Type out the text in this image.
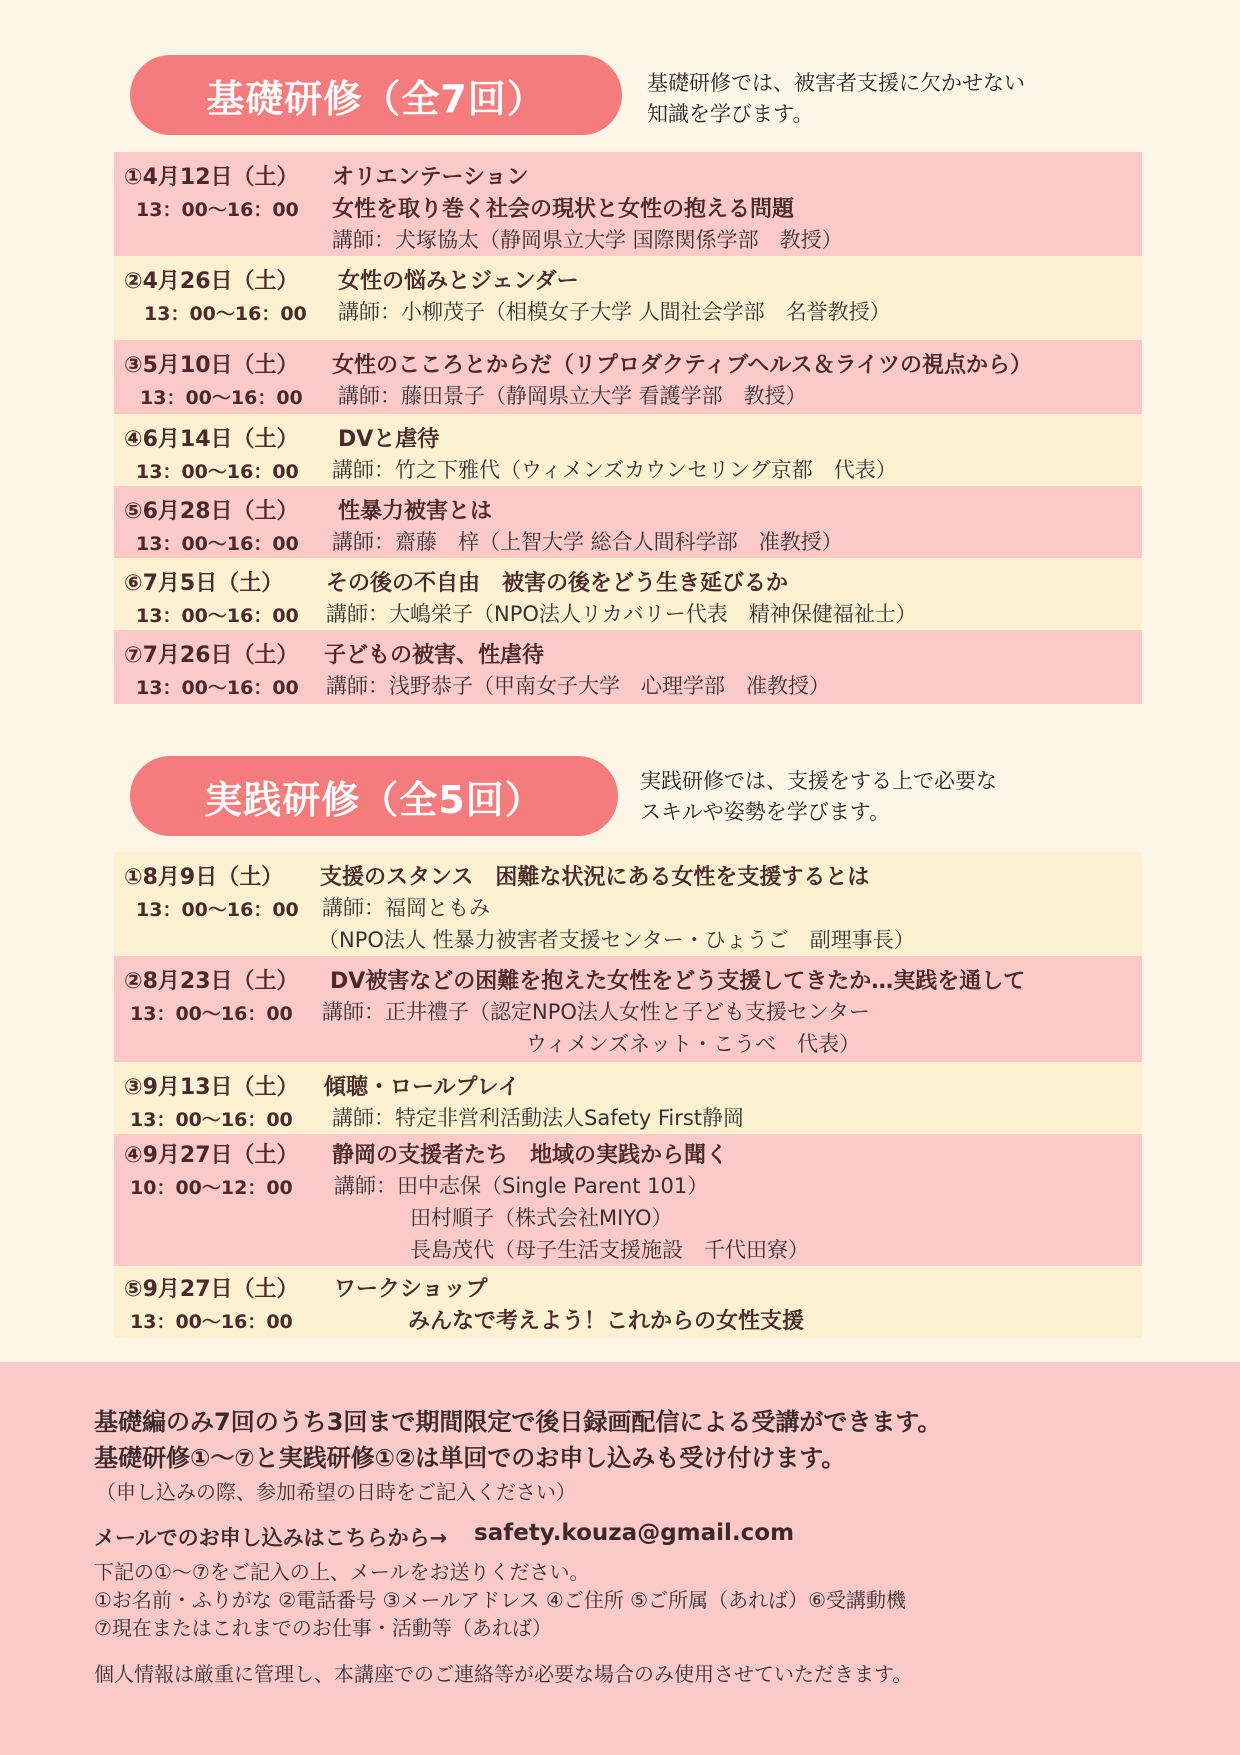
基礎研修（全7回）	基礎研修では、被害者支援に欠かせない
知識を学びます。
①4月12日（土） オリエンテーション
13：00〜16：00 女性を取り巻く社会の現状と女性の抱える問題
講師：犬塚協太（静岡県立大学 国際関係学部　教授）
②4月26日（土） 女性の悩みとジェンダー
13：00〜16：00 講師：小柳茂子（相模女子大学 人間社会学部　名誉教授）
③5月10日（土） 女性のこころとからだ（リプロダクティブヘルス＆ライツの視点から）
13：00〜16：00 講師：藤田景子（静岡県立大学 看護学部　教授）
④6月14日（土） DVと虐待
13：00〜16：00 講師：竹之下雅代（ウィメンズカウンセリング京都　代表）
⑤6月28日（土） 性暴力被害とは
13：00〜16：00 講師：齋藤　梓（上智大学 総合人間科学部　准教授）
⑥7月5日（土） その後の不自由　被害の後をどう生き延びるか
13：00〜16：00 講師：大嶋栄子（NPO法人リカバリー代表　精神保健福祉士）
⑦7月26日（土） 子どもの被害、性虐待
13：00〜16：00 講師：浅野恭子（甲南女子大学　心理学部　准教授）
実践研修（全5回）	実践研修では、支援をする上で必要な
スキルや姿勢を学びます。
①8月9日（土） 支援のスタンス　困難な状況にある女性を支援するとは
13：00〜16：00 講師：福岡ともみ
（NPO法人 性暴力被害者支援センター・ひょうご　副理事長）
②8月23日（土） DV被害などの困難を抱えた女性をどう支援してきたか…実践を通して
13：00〜16：00 講師：正井禮子（認定NPO法人女性と子ども支援センター
ウィメンズネット・こうべ　代表）
③9月13日（土） 傾聴・ロールプレイ
13：00〜16：00 講師：特定非営利活動法人Safety First静岡
④9月27日（土） 静岡の支援者たち　地域の実践から聞く
10：00〜12：00 講師：田中志保（Single Parent 101）
田村順子（株式会社MIYO）
長島茂代（母子生活支援施設　千代田寮）
⑤9月27日（土） ワークショップ
13：00〜16：00	みんなで考えよう！これからの女性支援
基礎編のみ7回のうち3回まで期間限定で後日録画配信による受講ができます。
基礎研修①〜⑦と実践研修①②は単回でのお申し込みも受け付けます。
（申し込みの際、参加希望の日時をご記入ください）
メールでのお申し込みはこちらから→ safety.kouza@gmail.com
下記の①〜⑦をご記入の上、メールをお送りください。
①お名前・ふりがな ②電話番号 ③メールアドレス ④ご住所 ⑤ご所属（あれば）⑥受講動機
⑦現在またはこれまでのお仕事・活動等（あれば）
個人情報は厳重に管理し、本講座でのご連絡等が必要な場合のみ使用させていただきます。
